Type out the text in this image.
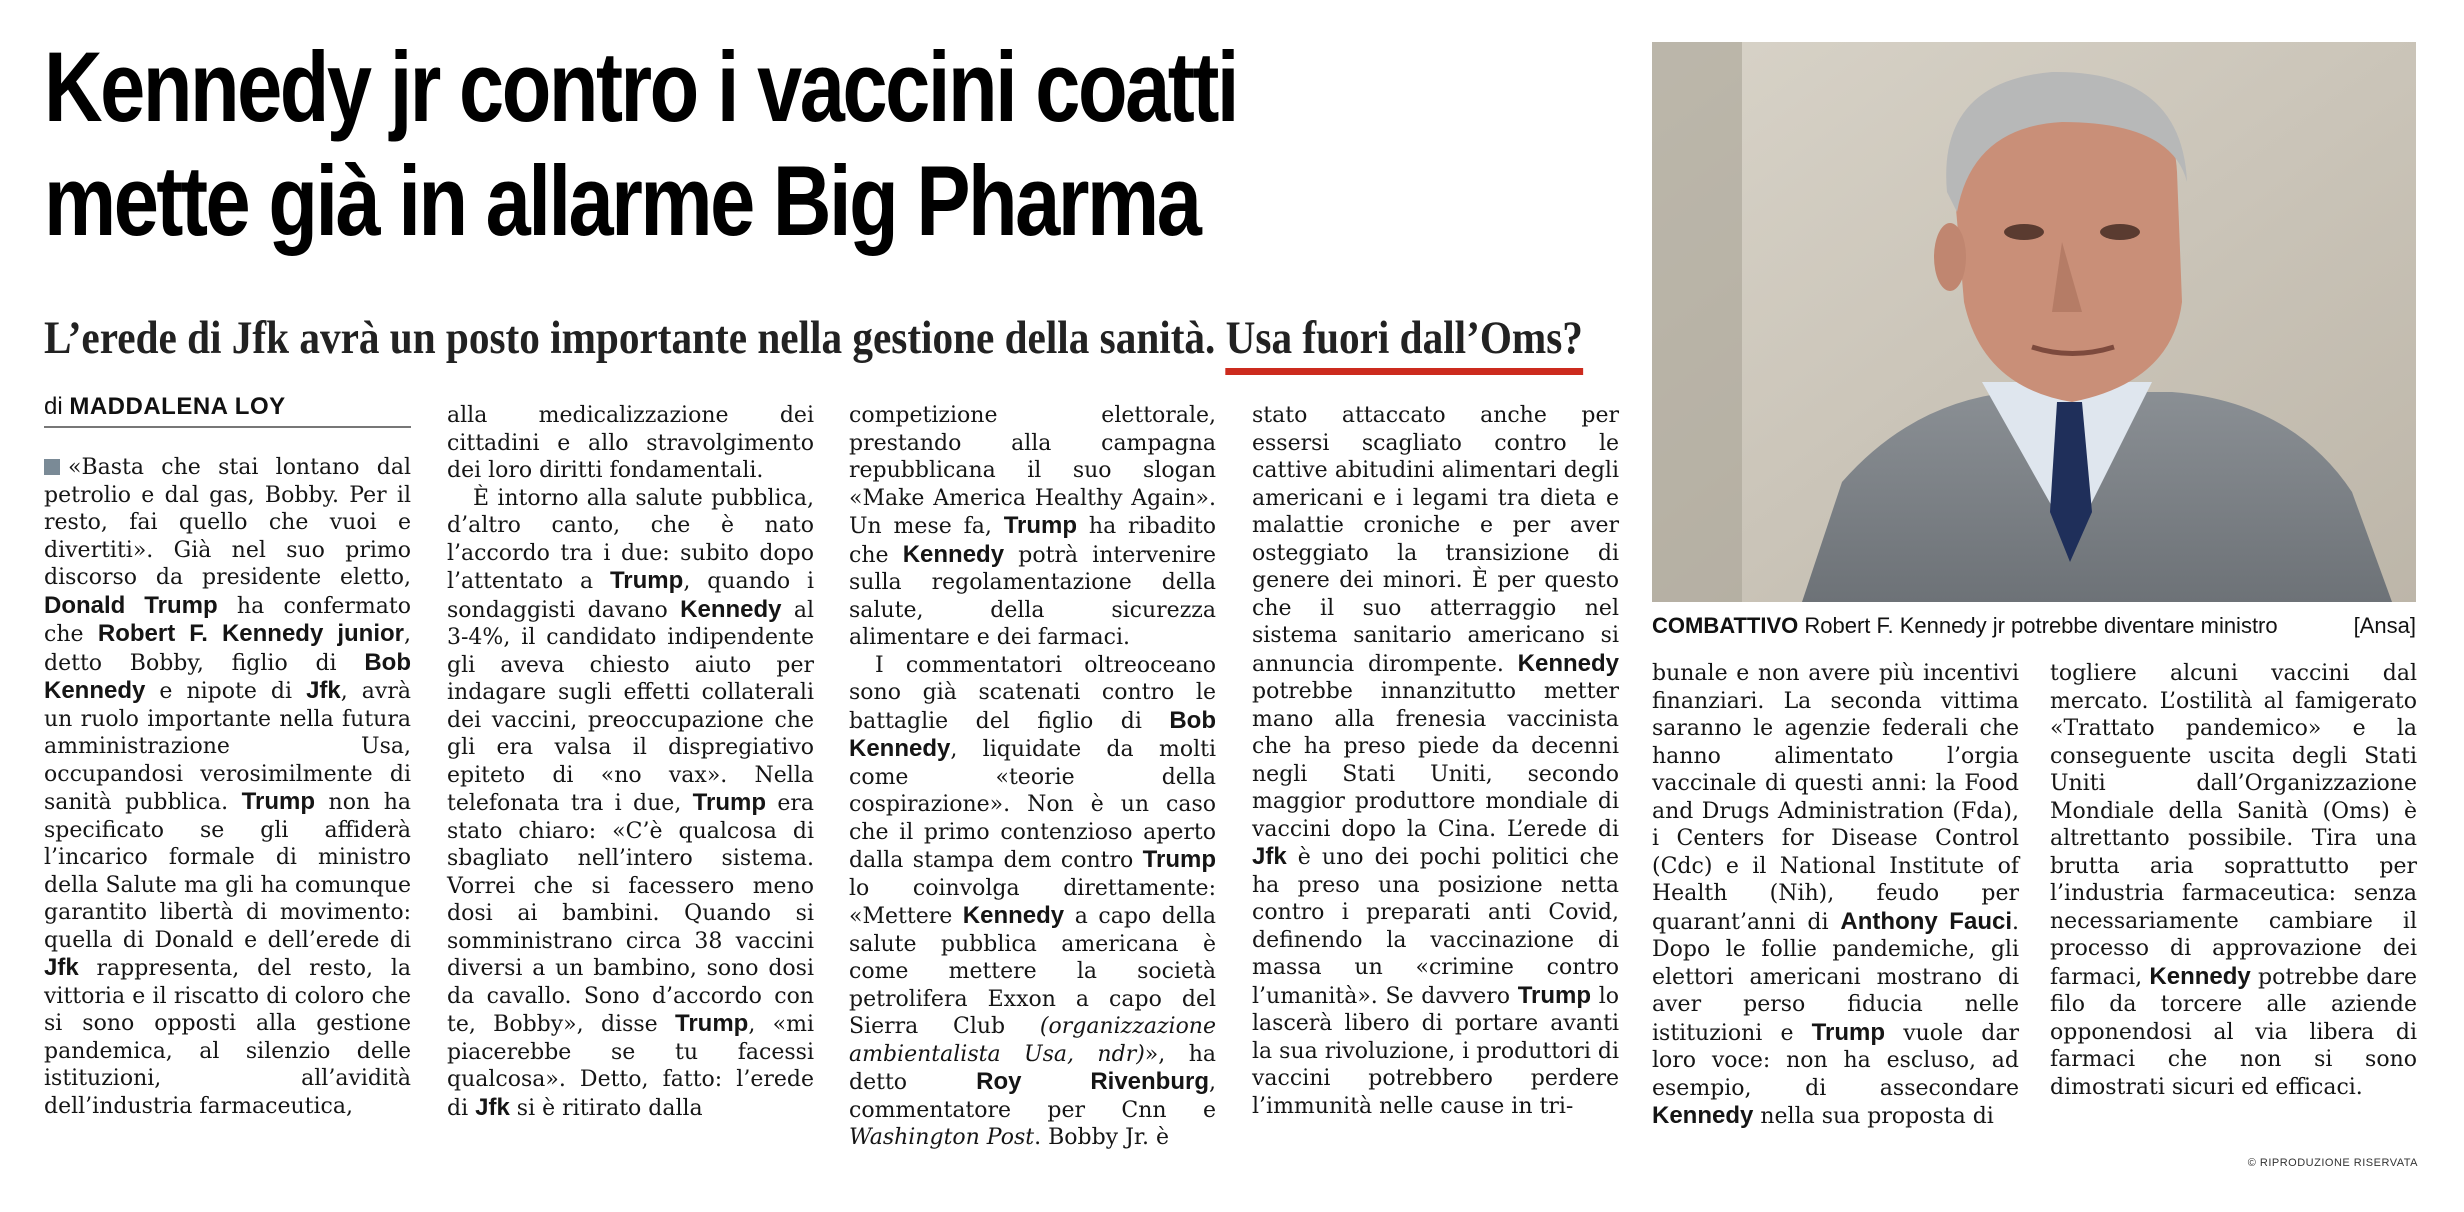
Kennedy jr contro i vaccini coatti
mette già in allarme Big Pharma
L’erede di Jfk avrà un posto importante nella gestione della sanità. Usa fuori dall’Oms?
di MADDALENA LOY

«Basta che stai lontano dal petrolio e dal gas, Bobby. Per il resto, fai quello che vuoi e divertiti». Già nel suo primo discorso da presidente eletto, Donald Trump ha confermato che Robert F. Kennedy junior, detto Bobby, figlio di Bob Kennedy e nipote di Jfk, avrà un ruolo importante nella futura amministrazione Usa, occupandosi verosimilmente di sanità pubblica. Trump non ha specificato se gli affiderà l’incarico formale di ministro della Salute ma gli ha comunque garantito libertà di movimento: quella di Donald e dell’erede di Jfk rappresenta, del resto, la vittoria e il riscatto di coloro che si sono opposti alla gestione pandemica, al silenzio delle istituzioni, all’avidità dell’industria farmaceutica,

alla medicalizzazione dei cittadini e allo stravolgimento dei loro diritti fondamentali.

È intorno alla salute pubblica, d’altro canto, che è nato l’accordo tra i due: subito dopo l’attentato a Trump, quando i sondaggisti davano Kennedy al 3-4%, il candidato indipendente gli aveva chiesto aiuto per indagare sugli effetti collaterali dei vaccini, preoccupazione che gli era valsa il dispregiativo epiteto di «no vax». Nella telefonata tra i due, Trump era stato chiaro: «C’è qualcosa di sbagliato nell’intero sistema. Vorrei che si facessero meno dosi ai bambini. Quando si somministrano circa 38 vaccini diversi a un bambino, sono dosi da cavallo. Sono d’accordo con te, Bobby», disse Trump, «mi piacerebbe se tu facessi qualcosa». Detto, fatto: l’erede di Jfk si è ritirato dalla

competizione elettorale, prestando alla campagna repubblicana il suo slogan «Make America Healthy Again». Un mese fa, Trump ha ribadito che Kennedy potrà intervenire sulla regolamentazione della salute, della sicurezza alimentare e dei farmaci.

I commentatori oltreoceano sono già scatenati contro le battaglie del figlio di Bob Kennedy, liquidate da molti come «teorie della cospirazione». Non è un caso che il primo contenzioso aperto dalla stampa dem contro Trump lo coinvolga direttamente: «Mettere Kennedy a capo della salute pubblica americana è come mettere la società petrolifera Exxon a capo del Sierra Club (organizzazione ambientalista Usa, ndr)», ha detto Roy Rivenburg, commentatore per Cnn e Washington Post. Bobby Jr. è

stato attaccato anche per essersi scagliato contro le cattive abitudini alimentari degli americani e i legami tra dieta e malattie croniche e per aver osteggiato la transizione di genere dei minori. È per questo che il suo atterraggio nel sistema sanitario americano si annuncia dirompente. Kennedy potrebbe innanzitutto metter mano alla frenesia vaccinista che ha preso piede da decenni negli Stati Uniti, secondo maggior produttore mondiale di vaccini dopo la Cina. L’erede di Jfk è uno dei pochi politici che ha preso una posizione netta contro i preparati anti Covid, definendo la vaccinazione di massa un «crimine contro l’umanità». Se davvero Trump lo lascerà libero di portare avanti la sua rivoluzione, i produttori di vaccini potrebbero perdere l’immunità nelle cause in tri-

COMBATTIVO Robert F. Kennedy jr potrebbe diventare ministro	[Ansa]

bunale e non avere più incentivi finanziari. La seconda vittima saranno le agenzie federali che hanno alimentato l’orgia vaccinale di questi anni: la Food and Drugs Administration (Fda), i Centers for Disease Control (Cdc) e il National Institute of Health (Nih), feudo per quarant’anni di Anthony Fauci. Dopo le follie pandemiche, gli elettori americani mostrano di aver perso fiducia nelle istituzioni e Trump vuole dar loro voce: non ha escluso, ad esempio, di assecondare Kennedy nella sua proposta di

togliere alcuni vaccini dal mercato. L’ostilità al famigerato «Trattato pandemico» e la conseguente uscita degli Stati Uniti dall’Organizzazione Mondiale della Sanità (Oms) è altrettanto possibile. Tira una brutta aria soprattutto per l’industria farmaceutica: senza necessariamente cambiare il processo di approvazione dei farmaci, Kennedy potrebbe dare filo da torcere alle aziende opponendosi al via libera di farmaci che non si sono dimostrati sicuri ed efficaci.

© RIPRODUZIONE RISERVATA
